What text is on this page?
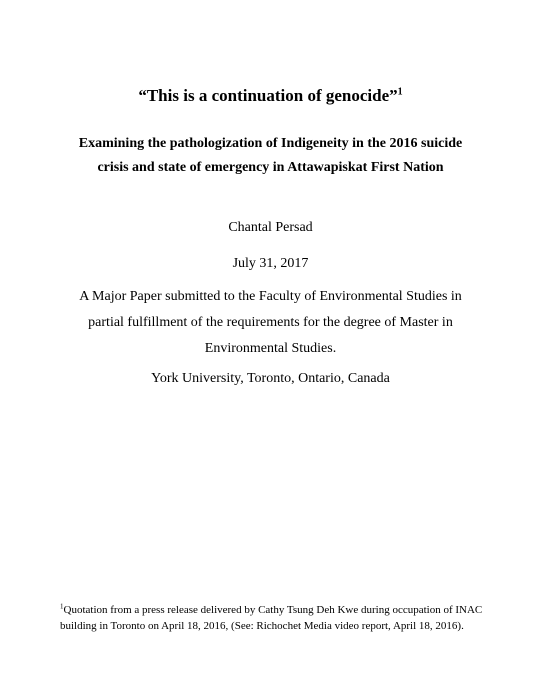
“This is a continuation of genocide”$^1$
Examining the pathologization of Indigeneity in the 2016 suicide
crisis and state of emergency in Attawapiskat First Nation

Chantal Persad

July 31, 2017

A Major Paper submitted to the Faculty of Environmental Studies in
partial fulfillment of the requirements for the degree of Master in
Environmental Studies.

York University, Toronto, Ontario, Canada

$^1$Quotation from a press release delivered by Cathy Tsung Deh Kwe during occupation of INAC
building in Toronto on April 18, 2016, (See: Richochet Media video report, April 18, 2016).
